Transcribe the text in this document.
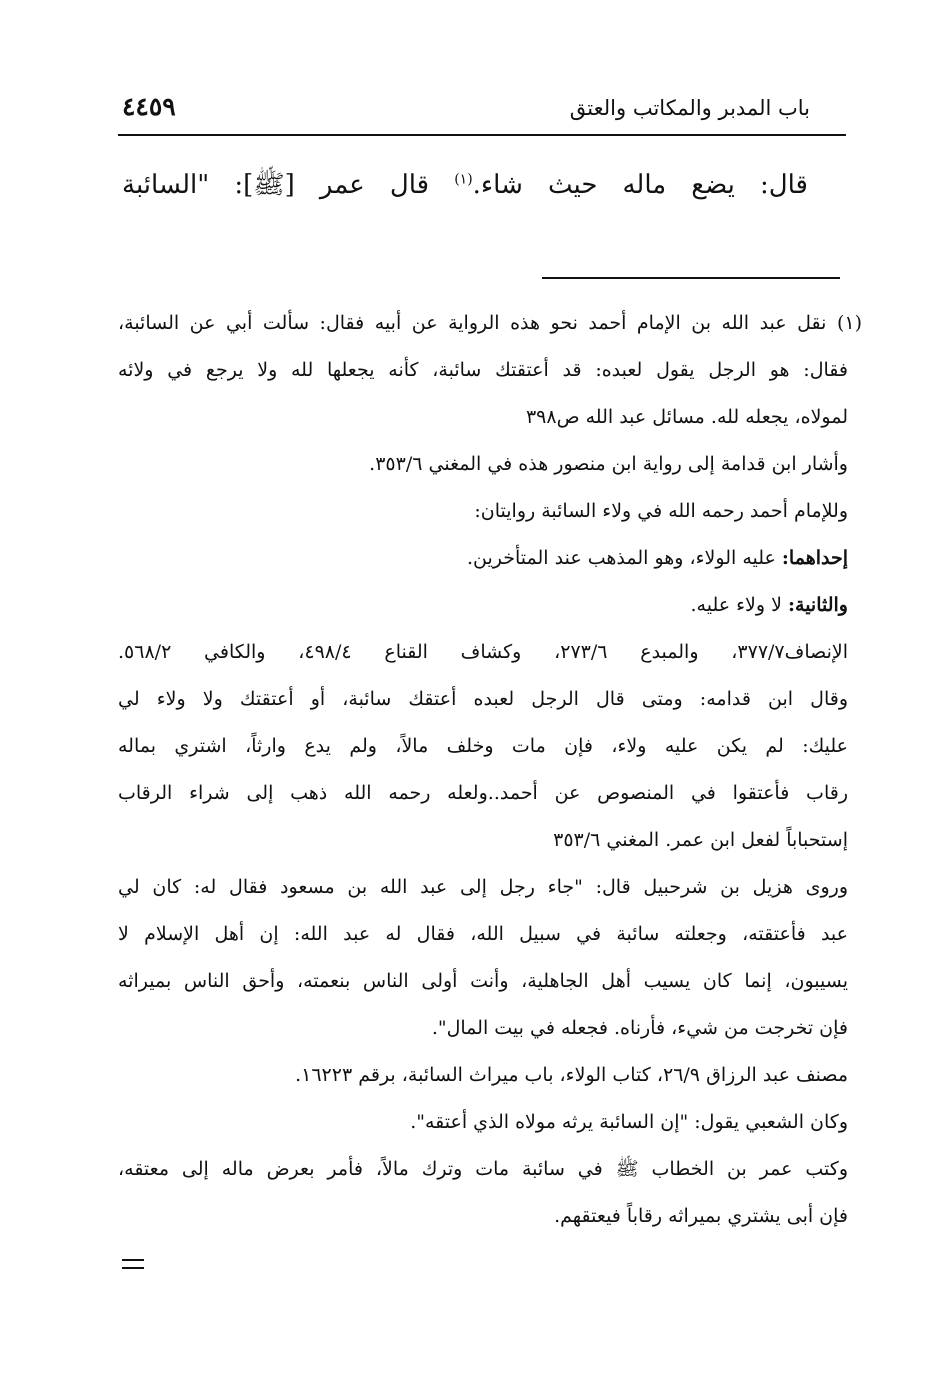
٤٤٥٩	باب المدبر والمكاتب والعتق
قال: يضع ماله حيث شاء.$^{(١)}$ قال عمر [ﷺ]: "السائبة
(١) نقل عبد الله بن الإمام أحمد نحو هذه الرواية عن أبيه فقال: سألت أبي عن السائبة،
فقال: هو الرجل يقول لعبده: قد أعتقتك سائبة، كأنه يجعلها لله ولا يرجع في ولائه
لمولاه، يجعله لله. مسائل عبد الله ص٣٩٨
وأشار ابن قدامة إلى رواية ابن منصور هذه في المغني ٣٥٣/٦.
وللإمام أحمد رحمه الله في ولاء السائبة روايتان:
إحداهما: عليه الولاء، وهو المذهب عند المتأخرين.
والثانية: لا ولاء عليه.
الإنصاف٣٧٧/٧، والمبدع ٢٧٣/٦، وكشاف القناع ٤٩٨/٤، والكافي ٥٦٨/٢.
وقال ابن قدامه: ومتى قال الرجل لعبده أعتقك سائبة، أو أعتقتك ولا ولاء لي
عليك: لم يكن عليه ولاء، فإن مات وخلف مالاً، ولم يدع وارثاً، اشتري بماله
رقاب فأعتقوا في المنصوص عن أحمد..ولعله رحمه الله ذهب إلى شراء الرقاب
إستحباباً لفعل ابن عمر. المغني ٣٥٣/٦
وروى هزيل بن شرحبيل قال: "جاء رجل إلى عبد الله بن مسعود فقال له: كان لي
عبد فأعتقته، وجعلته سائبة في سبيل الله، فقال له عبد الله: إن أهل الإسلام لا
يسيبون، إنما كان يسيب أهل الجاهلية، وأنت أولى الناس بنعمته، وأحق الناس بميراثه
فإن تخرجت من شيء، فأرناه. فجعله في بيت المال".
مصنف عبد الرزاق ٢٦/٩، كتاب الولاء، باب ميراث السائبة، برقم ١٦٢٢٣.
وكان الشعبي يقول: "إن السائبة يرثه مولاه الذي أعتقه".
وكتب عمر بن الخطاب ﷺ في سائبة مات وترك مالاً، فأمر بعرض ماله إلى معتقه،
فإن أبى يشتري بميراثه رقاباً فيعتقهم.
